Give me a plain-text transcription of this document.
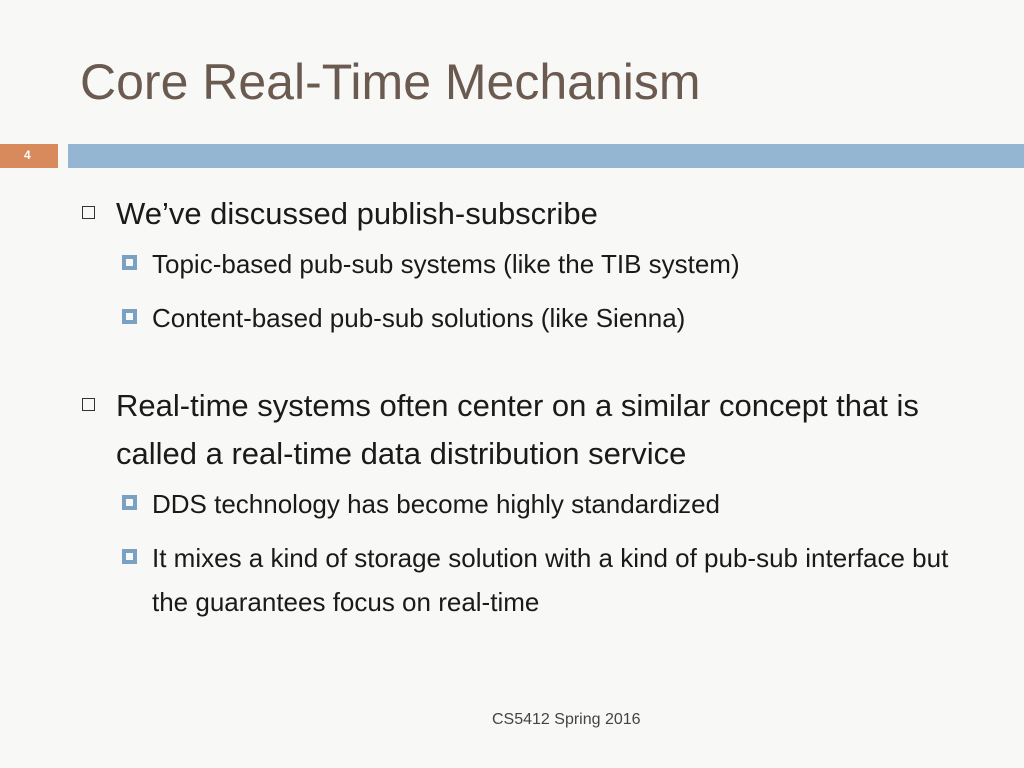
Core Real-Time Mechanism
4
We’ve discussed publish-subscribe
Topic-based pub-sub systems (like the TIB system)
Content-based pub-sub solutions (like Sienna)
Real-time systems often center on a similar concept that is called a real-time data distribution service
DDS technology has become highly standardized
It mixes a kind of storage solution with a kind of pub-sub interface but the guarantees focus on real-time
CS5412 Spring 2016
